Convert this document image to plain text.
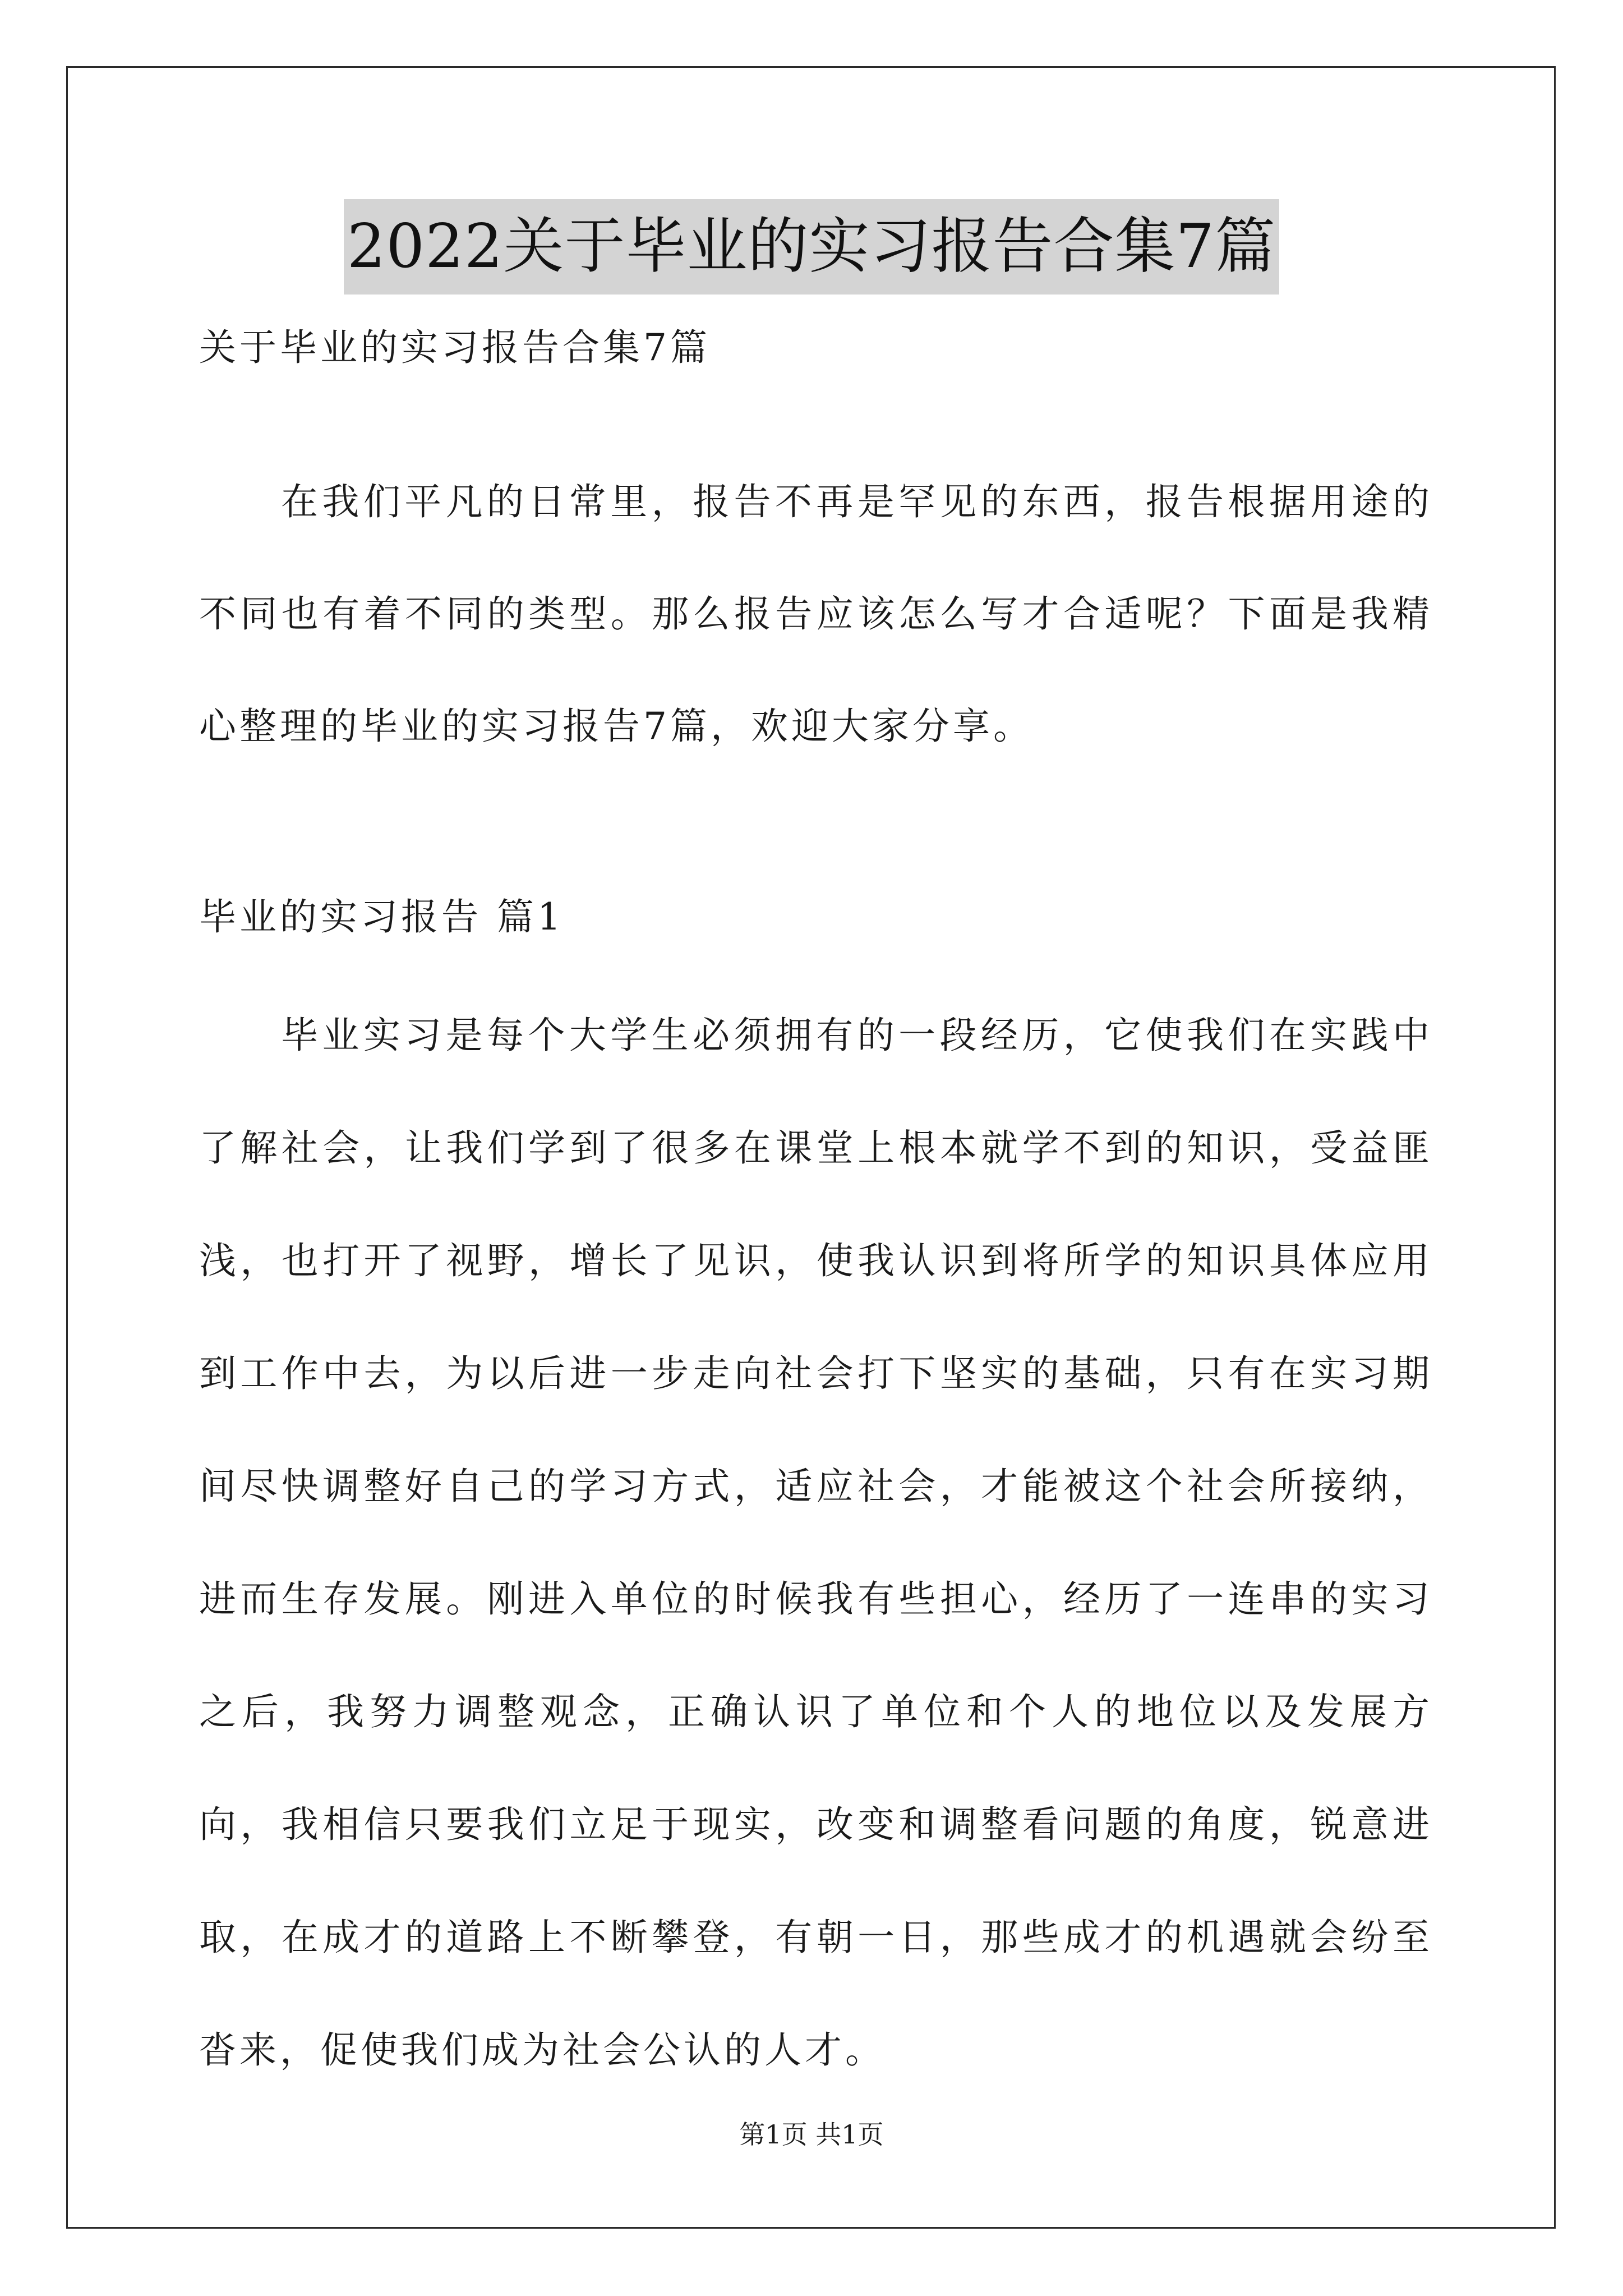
2022关于毕业的实习报告合集7篇
关于毕业的实习报告合集7篇
在我们平凡的日常里，报告不再是罕见的东西，报告根据用途的不同也有着不同的类型。那么报告应该怎么写才合适呢？下面是我精心整理的毕业的实习报告7篇，欢迎大家分享。
毕业的实习报告 篇1
毕业实习是每个大学生必须拥有的一段经历，它使我们在实践中了解社会，让我们学到了很多在课堂上根本就学不到的知识，受益匪浅，也打开了视野，增长了见识，使我认识到将所学的知识具体应用到工作中去，为以后进一步走向社会打下坚实的基础，只有在实习期间尽快调整好自己的学习方式，适应社会，才能被这个社会所接纳，进而生存发展。刚进入单位的时候我有些担心，经历了一连串的实习之后，我努力调整观念，正确认识了单位和个人的地位以及发展方向，我相信只要我们立足于现实，改变和调整看问题的角度，锐意进取，在成才的道路上不断攀登，有朝一日，那些成才的机遇就会纷至沓来，促使我们成为社会公认的人才。
第1页 共1页
